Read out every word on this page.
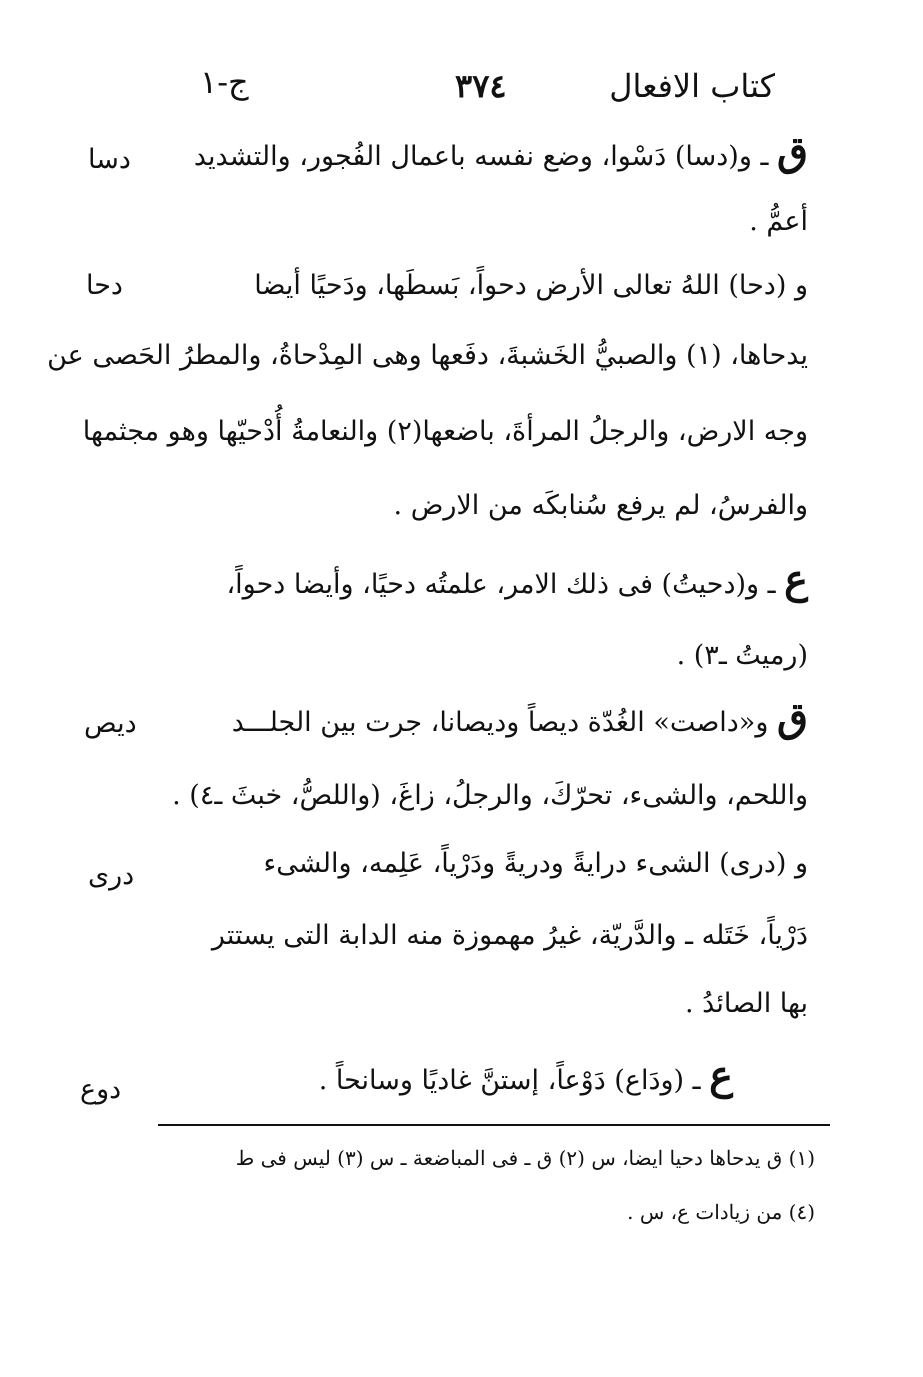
كتاب الافعال
٣٧٤
ج-١
دسا
دحا
ديص
درى
دوع
ق ـ و(دسا) دَسْوا، وضع نفسه باعمال الفُجور، والتشديد
أعمُّ .
و (دحا) اللهُ تعالى الأرض دحواً، بَسطَها، ودَحيًا أيضا
يدحاها، (١) والصبيُّ الخَشبةَ، دفَعها وهى المِدْحاةُ، والمطرُ الحَصى عن
وجه الارض، والرجلُ المرأةَ، باضعها(٢) والنعامةُ أُدْحيّها وهو مجثمها
والفرسُ، لم يرفع سُنابكَه من الارض .
ع ـ و(دحيتُ) فى ذلك الامر، علمتُه دحيًا، وأيضا دحواً،
(رميتُ ـ٣) .
ق و«داصت» الغُدّة ديصاً وديصانا، جرت بين الجلـــد
واللحم، والشىء، تحرّكَ، والرجلُ، زاغَ، (واللصُّ، خبثَ ـ٤) .
و (درى) الشىء درايةً ودريةً ودَرْياً، عَلِمه، والشىء
دَرْياً، خَتَله ـ والدَّريّة، غيرُ مهموزة منه الدابة التى يستتر
بها الصائدُ .
ع ـ (ودَاع) دَوْعاً، إستنَّ غاديًا وسانحاً .
(١) ق يدحاها دحيا ايضا، س (٢) ق ـ فى المباضعة ـ س (٣) ليس فى ط
(٤) من زيادات ع، س .
